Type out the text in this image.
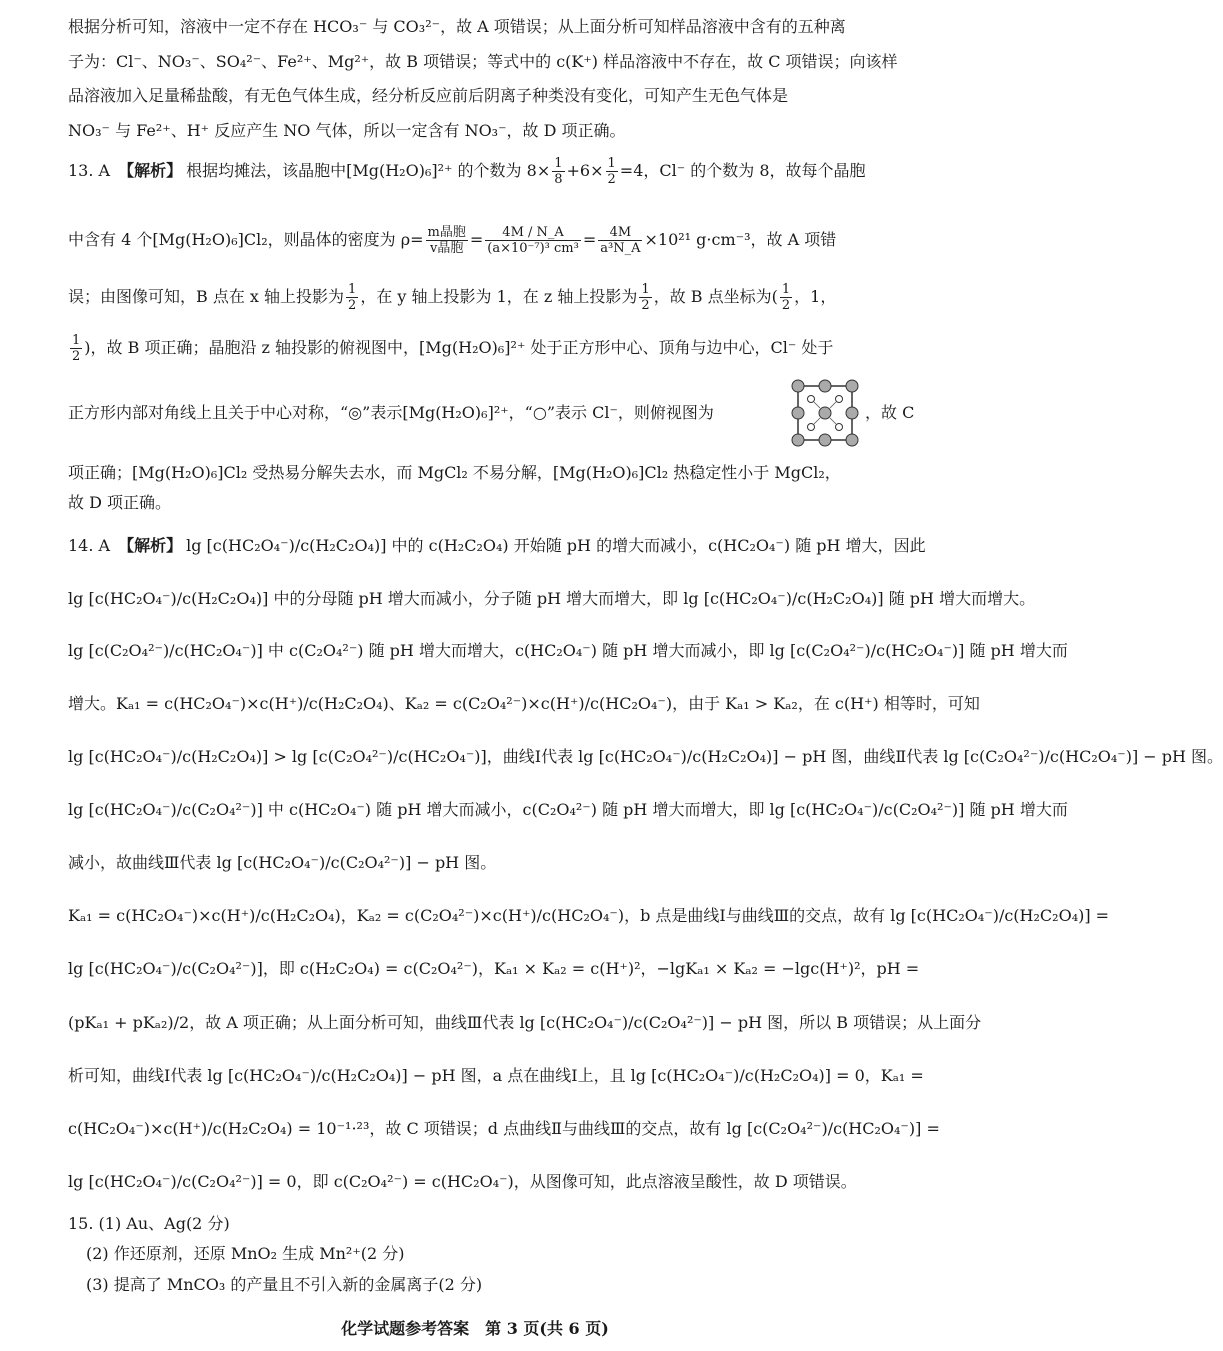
根据分析可知，溶液中一定不存在 HCO₃⁻ 与 CO₃²⁻，故 A 项错误；从上面分析可知样品溶液中含有的五种离
子为：Cl⁻、NO₃⁻、SO₄²⁻、Fe²⁺、Mg²⁺，故 B 项错误；等式中的 c(K⁺) 样品溶液中不存在，故 C 项错误；向该样
品溶液加入足量稀盐酸，有无色气体生成，经分析反应前后阴离子种类没有变化，可知产生无色气体是
NO₃⁻ 与 Fe²⁺、H⁺ 反应产生 NO 气体，所以一定含有 NO₃⁻，故 D 项正确。
13. A 【解析】 根据均摊法，该晶胞中[Mg(H₂O)₆]²⁺ 的个数为 $8\times \frac{1}{8} +6\times \frac{1}{2} =4$，Cl⁻ 的个数为 8，故每个晶胞
中含有 4 个[Mg(H₂O)₆]Cl₂，则晶体的密度为 $\rho= \frac{\text{m晶胞}}{\text{v晶胞}} = \frac{4M / N\_A}{\text{(a×10⁻⁷)³ cm³}} = \frac{4M}{\text{a³N\_A}} \times 10^{21}$ g·cm⁻³，故 A 项错
误；由图像可知，B 点在 x 轴上投影为 $\frac{1}{2}$ ，在 y 轴上投影为 1，在 z 轴上投影为 $\frac{1}{2}$ ，故 B 点坐标为( $\frac{1}{2}$ ，1，
$\frac{1}{2}$ )，故 B 项正确；晶胞沿 z 轴投影的俯视图中，[Mg(H₂O)₆]²⁺ 处于正方形中心、顶角与边中心，Cl⁻ 处于
正方形内部对角线上且关于中心对称，“◎”表示[Mg(H₂O)₆]²⁺，“○”表示 Cl⁻，则俯视图为	，故 C
项正确；[Mg(H₂O)₆]Cl₂ 受热易分解失去水，而 MgCl₂ 不易分解，[Mg(H₂O)₆]Cl₂ 热稳定性小于 MgCl₂，
故 D 项正确。
14. A 【解析】 lg [c(HC₂O₄⁻)/c(H₂C₂O₄)] 中的 c(H₂C₂O₄) 开始随 pH 的增大而减小，c(HC₂O₄⁻) 随 pH 增大，因此
lg [c(HC₂O₄⁻)/c(H₂C₂O₄)] 中的分母随 pH 增大而减小，分子随 pH 增大而增大，即 lg [c(HC₂O₄⁻)/c(H₂C₂O₄)] 随 pH 增大而增大。
lg [c(C₂O₄²⁻)/c(HC₂O₄⁻)] 中 c(C₂O₄²⁻) 随 pH 增大而增大，c(HC₂O₄⁻) 随 pH 增大而减小，即 lg [c(C₂O₄²⁻)/c(HC₂O₄⁻)] 随 pH 增大而
增大。Kₐ₁ = c(HC₂O₄⁻)×c(H⁺)/c(H₂C₂O₄)、Kₐ₂ = c(C₂O₄²⁻)×c(H⁺)/c(HC₂O₄⁻)，由于 Kₐ₁ > Kₐ₂，在 c(H⁺) 相等时，可知
lg [c(HC₂O₄⁻)/c(H₂C₂O₄)] > lg [c(C₂O₄²⁻)/c(HC₂O₄⁻)]，曲线Ⅰ代表 lg [c(HC₂O₄⁻)/c(H₂C₂O₄)] − pH 图，曲线Ⅱ代表 lg [c(C₂O₄²⁻)/c(HC₂O₄⁻)] − pH 图。
lg [c(HC₂O₄⁻)/c(C₂O₄²⁻)] 中 c(HC₂O₄⁻) 随 pH 增大而减小，c(C₂O₄²⁻) 随 pH 增大而增大，即 lg [c(HC₂O₄⁻)/c(C₂O₄²⁻)] 随 pH 增大而
减小，故曲线Ⅲ代表 lg [c(HC₂O₄⁻)/c(C₂O₄²⁻)] − pH 图。
Kₐ₁ = c(HC₂O₄⁻)×c(H⁺)/c(H₂C₂O₄)，Kₐ₂ = c(C₂O₄²⁻)×c(H⁺)/c(HC₂O₄⁻)，b 点是曲线Ⅰ与曲线Ⅲ的交点，故有 lg [c(HC₂O₄⁻)/c(H₂C₂O₄)] =
lg [c(HC₂O₄⁻)/c(C₂O₄²⁻)]，即 c(H₂C₂O₄) = c(C₂O₄²⁻)，Kₐ₁ × Kₐ₂ = c(H⁺)²，−lgKₐ₁ × Kₐ₂ = −lgc(H⁺)²，pH =
(pKₐ₁ + pKₐ₂)/2，故 A 项正确；从上面分析可知，曲线Ⅲ代表 lg [c(HC₂O₄⁻)/c(C₂O₄²⁻)] − pH 图，所以 B 项错误；从上面分
析可知，曲线Ⅰ代表 lg [c(HC₂O₄⁻)/c(H₂C₂O₄)] − pH 图，a 点在曲线Ⅰ上，且 lg [c(HC₂O₄⁻)/c(H₂C₂O₄)] = 0，Kₐ₁ =
c(HC₂O₄⁻)×c(H⁺)/c(H₂C₂O₄) = 10⁻¹·²³，故 C 项错误；d 点曲线Ⅱ与曲线Ⅲ的交点，故有 lg [c(C₂O₄²⁻)/c(HC₂O₄⁻)] =
lg [c(HC₂O₄⁻)/c(C₂O₄²⁻)] = 0，即 c(C₂O₄²⁻) = c(HC₂O₄⁻)，从图像可知，此点溶液呈酸性，故 D 项错误。
15. (1) Au、Ag(2 分)
(2) 作还原剂，还原 MnO₂ 生成 Mn²⁺(2 分)
(3) 提高了 MnCO₃ 的产量且不引入新的金属离子(2 分)
化学试题参考答案　第 3 页(共 6 页)
